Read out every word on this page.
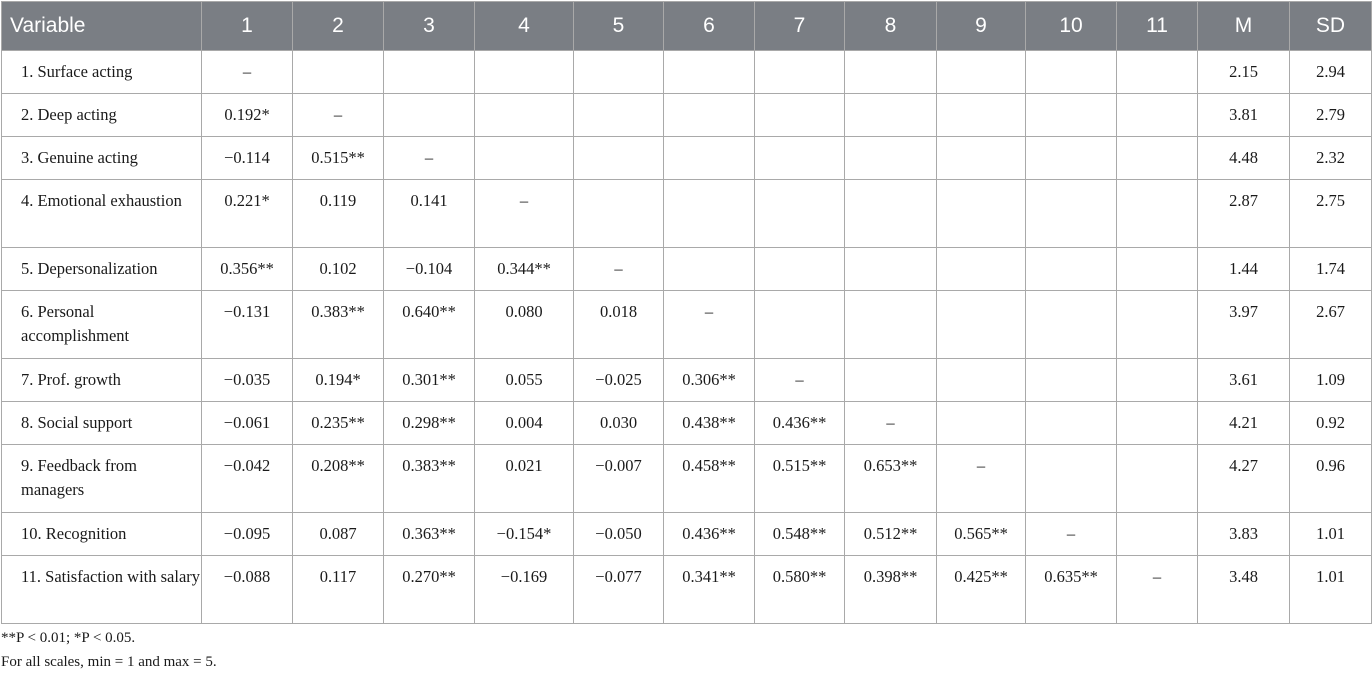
Variable	1	2	3	4	5	6	7	8	9	10	11	M	SD
1. Surface acting	–											2.15	2.94
2. Deep acting	0.192*	–										3.81	2.79
3. Genuine acting	−0.114	0.515**	–									4.48	2.32
4. Emotional exhaustion	0.221*	0.119	0.141	–								2.87	2.75
5. Depersonalization	0.356**	0.102	−0.104	0.344**	–							1.44	1.74
6. Personal accomplishment	−0.131	0.383**	0.640**	0.080	0.018	–						3.97	2.67
7. Prof. growth	−0.035	0.194*	0.301**	0.055	−0.025	0.306**	–					3.61	1.09
8. Social support	−0.061	0.235**	0.298**	0.004	0.030	0.438**	0.436**	–				4.21	0.92
9. Feedback from managers	−0.042	0.208**	0.383**	0.021	−0.007	0.458**	0.515**	0.653**	–			4.27	0.96
10. Recognition	−0.095	0.087	0.363**	−0.154*	−0.050	0.436**	0.548**	0.512**	0.565**	–		3.83	1.01
11. Satisfaction with salary	−0.088	0.117	0.270**	−0.169	−0.077	0.341**	0.580**	0.398**	0.425**	0.635**	–	3.48	1.01
**P < 0.01; *P < 0.05.
For all scales, min = 1 and max = 5.
